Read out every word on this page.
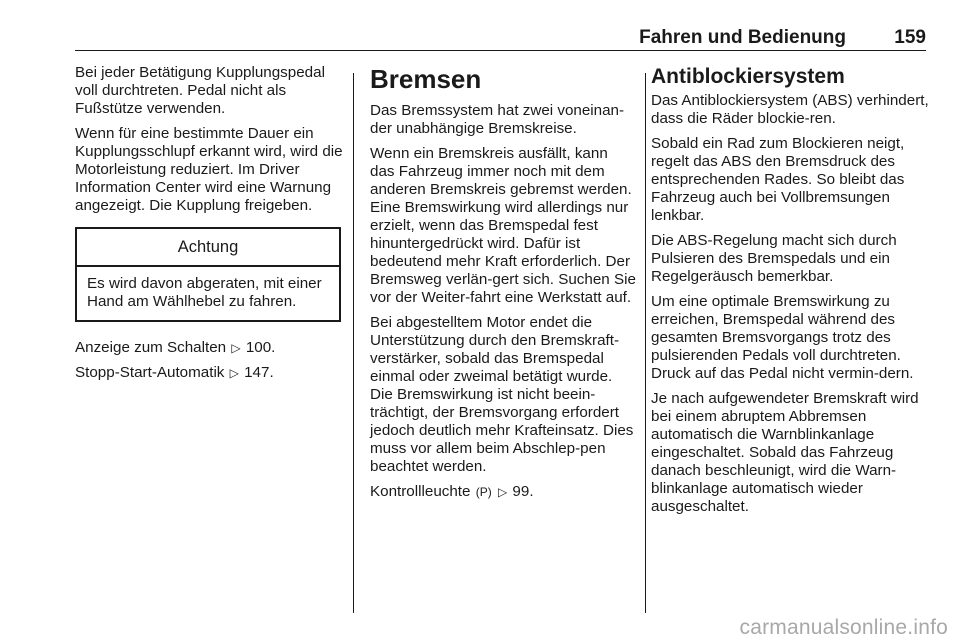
Fahren und Bedienung	159

Bei jeder Betätigung Kupplungspedal voll durchtreten. Pedal nicht als Fußstütze verwenden.

Wenn für eine bestimmte Dauer ein Kupplungsschlupf erkannt wird, wird die Motorleistung reduziert. Im Driver Information Center wird eine Warnung angezeigt. Die Kupplung freigeben.

Achtung
Es wird davon abgeraten, mit einer Hand am Wählhebel zu fahren.

Anzeige zum Schalten ▷ 100.

Stopp-Start-Automatik ▷ 147.

Bremsen

Das Bremssystem hat zwei voneinan-der unabhängige Bremskreise.

Wenn ein Bremskreis ausfällt, kann das Fahrzeug immer noch mit dem anderen Bremskreis gebremst werden. Eine Bremswirkung wird allerdings nur erzielt, wenn das Bremspedal fest hinuntergedrückt wird. Dafür ist bedeutend mehr Kraft erforderlich. Der Bremsweg verlän-gert sich. Suchen Sie vor der Weiter-fahrt eine Werkstatt auf.

Bei abgestelltem Motor endet die Unterstützung durch den Bremskraft-verstärker, sobald das Bremspedal einmal oder zweimal betätigt wurde. Die Bremswirkung ist nicht beein-trächtigt, der Bremsvorgang erfordert jedoch deutlich mehr Krafteinsatz. Dies muss vor allem beim Abschlep-pen beachtet werden.

Kontrollleuchte (P) ▷ 99.

Antiblockiersystem

Das Antiblockiersystem (ABS) verhindert, dass die Räder blockie-ren.

Sobald ein Rad zum Blockieren neigt, regelt das ABS den Bremsdruck des entsprechenden Rades. So bleibt das Fahrzeug auch bei Vollbremsungen lenkbar.

Die ABS-Regelung macht sich durch Pulsieren des Bremspedals und ein Regelgeräusch bemerkbar.

Um eine optimale Bremswirkung zu erreichen, Bremspedal während des gesamten Bremsvorgangs trotz des pulsierenden Pedals voll durchtreten. Druck auf das Pedal nicht vermin-dern.

Je nach aufgewendeter Bremskraft wird bei einem abruptem Abbremsen automatisch die Warnblinkanlage eingeschaltet. Sobald das Fahrzeug danach beschleunigt, wird die Warn-blinkanlage automatisch wieder ausgeschaltet.

carmanualsonline.info
